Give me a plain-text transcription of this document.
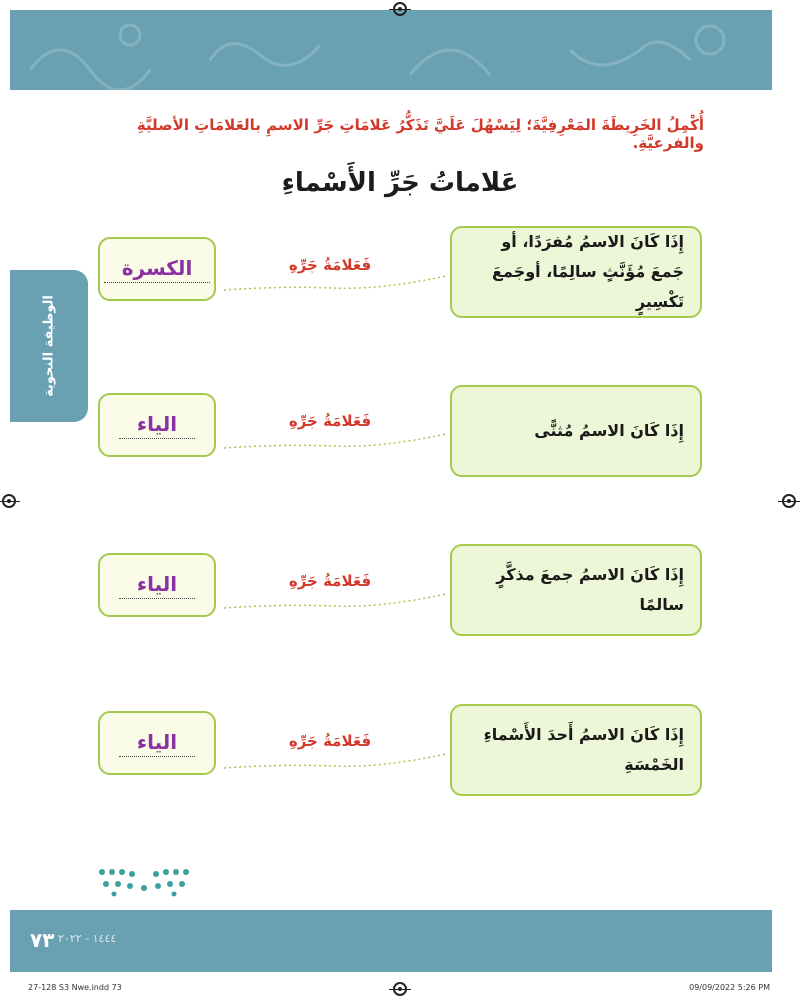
أُكْمِلُ الخَرِيطَةَ المَعْرِفِيَّةَ؛ لِيَسْهُلَ عَلَيَّ تَذَكُّرُ عَلامَاتِ جَرِّ الاسمِ بالعَلامَاتِ الأصليَّةِ والفرعيَّةِ.
عَلاماتُ جَرِّ الأَسْماءِ
الوظيفة النحوية
إِذَا كَانَ الاسمُ مُفرَدًا، أو جَمعَ مُؤَنَّثٍ سالِمًا، أوجَمعَ تَكْسِيرٍ
فَعَلامَةُ جَرِّهِ
الكسرة
إِذَا كَانَ الاسمُ مُثنًّى
فَعَلامَةُ جَرِّهِ
الياء
إِذَا كَانَ الاسمُ جمعَ مذكَّرٍ سالمًا
فَعَلامَةُ جَرِّهِ
الياء
إِذَا كَانَ الاسمُ أَحدَ الأَسْماءِ الخَمْسَةِ
فَعَلامَةُ جَرِّهِ
الياء
٧٣ ١٤٤٤ - ٢٠٢٢
27-128 S3 Nwe.indd 73	09/09/2022 5:26 PM
